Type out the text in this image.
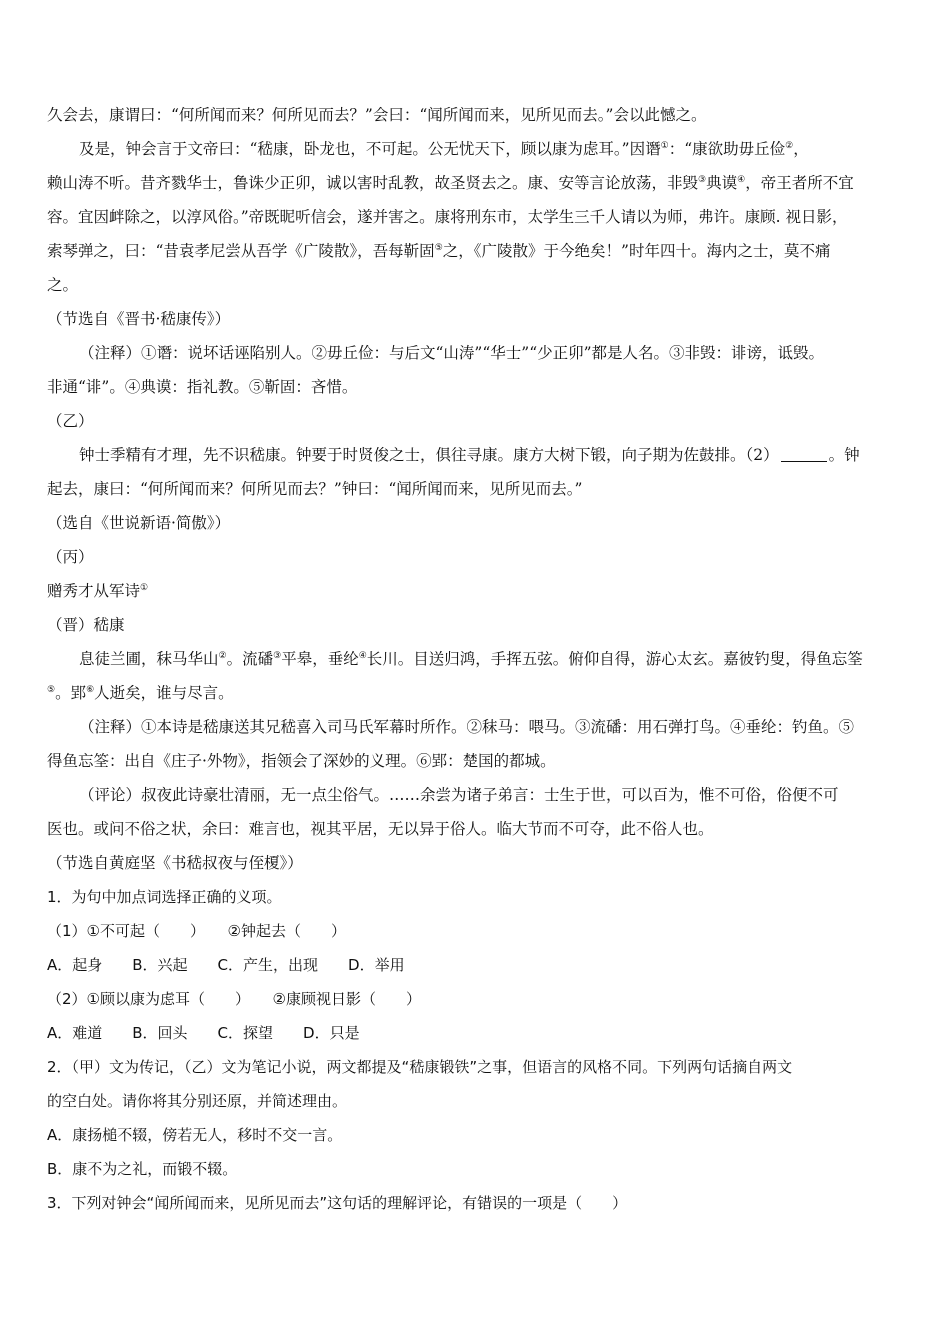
久会去，康谓曰：“何所闻而来？何所见而去？”会曰：“闻所闻而来，见所见而去。”会以此憾之。
及是，钟会言于文帝曰：“嵇康，卧龙也，不可起。公无忧天下，顾以康为虑耳。”因谮①：“康欲助毋丘俭②，
赖山涛不听。昔齐戮华士，鲁诛少正卯，诚以害时乱教，故圣贤去之。康、安等言论放荡，非毁③典谟④，帝王者所不宜
容。宜因衅除之，以淳风俗。”帝既昵听信会，遂并害之。康将刑东市，太学生三千人请以为师，弗许。康顾. 视日影，
索琴弹之，曰：“昔袁孝尼尝从吾学《广陵散》，吾每靳固⑤之，《广陵散》于今绝矣！”时年四十。海内之士，莫不痛
之。
（节选自《晋书·嵇康传》）
（注释）①谮：说坏话诬陷别人。②毋丘俭：与后文“山涛”“华士”“少正卯”都是人名。③非毁：诽谤，诋毁。
非通“诽”。④典谟：指礼教。⑤靳固：吝惜。
（乙）
钟士季精有才理，先不识嵇康。钟要于时贤俊之士，俱往寻康。康方大树下锻，向子期为佐鼓排。（2）	。钟
起去，康曰：“何所闻而来？何所见而去？”钟曰：“闻所闻而来，见所见而去。”
（选自《世说新语·简傲》）
（丙）
赠秀才从军诗①
（晋）嵇康
息徒兰圃，秣马华山②。流磻③平皋，垂纶④长川。目送归鸿，手挥五弦。俯仰自得，游心太玄。嘉彼钓叟，得鱼忘筌
⑤。郢⑥人逝矣，谁与尽言。
（注释）①本诗是嵇康送其兄嵇喜入司马氏军幕时所作。②秣马：喂马。③流磻：用石弹打鸟。④垂纶：钓鱼。⑤
得鱼忘筌：出自《庄子·外物》，指领会了深妙的义理。⑥郢：楚国的都城。
（评论）叔夜此诗豪壮清丽，无一点尘俗气。……余尝为诸子弟言：士生于世，可以百为，惟不可俗，俗便不可
医也。或问不俗之状，余曰：难言也，视其平居，无以异于俗人。临大节而不可夺，此不俗人也。
（节选自黄庭坚《书嵇叔夜与侄榎》）
1．为句中加点词选择正确的义项。
（1）①不可起（　　）　　②钟起去（　　）
A．起身　　B．兴起　　C．产生，出现　　D．举用
（2）①顾以康为虑耳（　　）　　②康顾视日影（　　）
A．难道　　B．回头　　C．探望　　D．只是
2．（甲）文为传记，（乙）文为笔记小说，两文都提及“嵇康锻铁”之事，但语言的风格不同。下列两句话摘自两文
的空白处。请你将其分别还原，并简述理由。
A．康扬槌不辍，傍若无人，移时不交一言。
B．康不为之礼，而锻不辍。
3．下列对钟会“闻所闻而来，见所见而去”这句话的理解评论，有错误的一项是（　　）
